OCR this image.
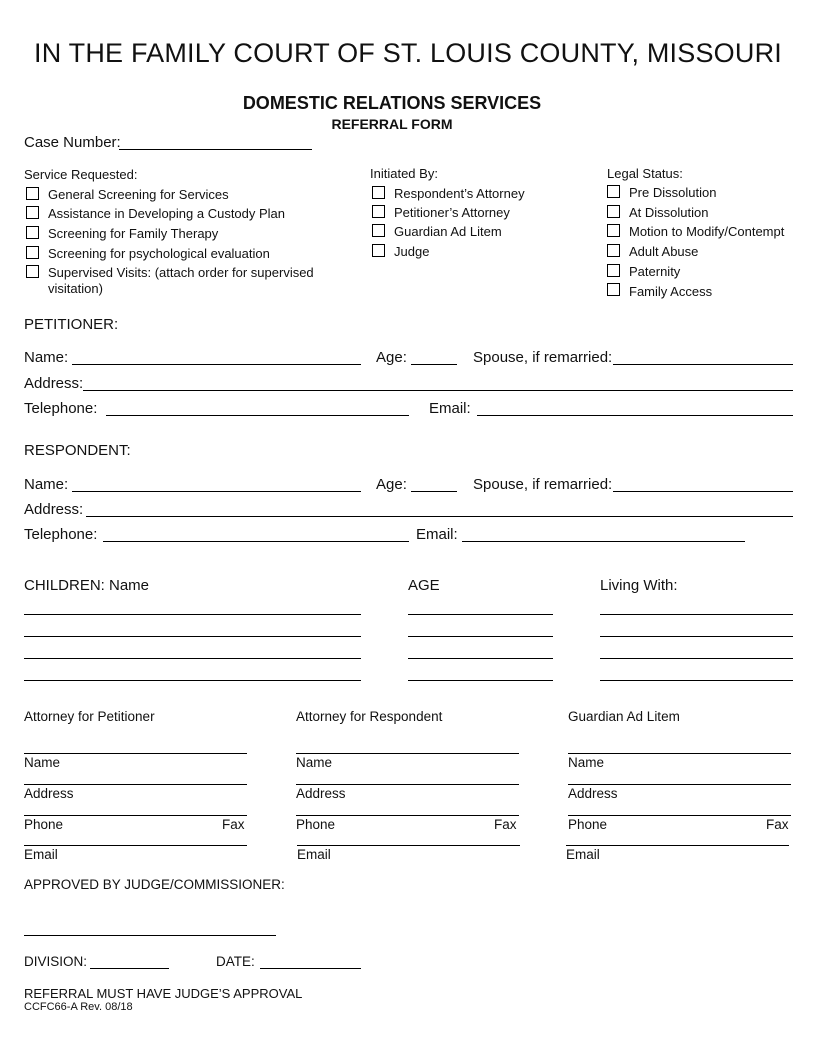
IN THE FAMILY COURT OF ST. LOUIS COUNTY, MISSOURI
DOMESTIC RELATIONS SERVICES
REFERRAL FORM
Case Number:
Service Requested:
General Screening for Services
Assistance in Developing a Custody Plan
Screening for Family Therapy
Screening for psychological evaluation
Supervised Visits: (attach order for supervised
visitation)
Initiated By:
Respondent’s Attorney
Petitioner’s Attorney
Guardian Ad Litem
Judge
Legal Status:
Pre Dissolution
At Dissolution
Motion to Modify/Contempt
Adult Abuse
Paternity
Family Access
PETITIONER:
Name:	Age:	Spouse, if remarried:
Address:
Telephone:	Email:
RESPONDENT:
Name:	Age:	Spouse, if remarried:
Address:
Telephone:	Email:
CHILDREN: Name	AGE	Living With:
Attorney for Petitioner
Name
Address
Phone	Fax
Email
Attorney for Respondent
Name
Address
Phone	Fax
Email
Guardian Ad Litem
Name
Address
Phone	Fax
Email
APPROVED BY JUDGE/COMMISSIONER:
DIVISION:	DATE:
REFERRAL MUST HAVE JUDGE’S APPROVAL
CCFC66-A Rev. 08/18
